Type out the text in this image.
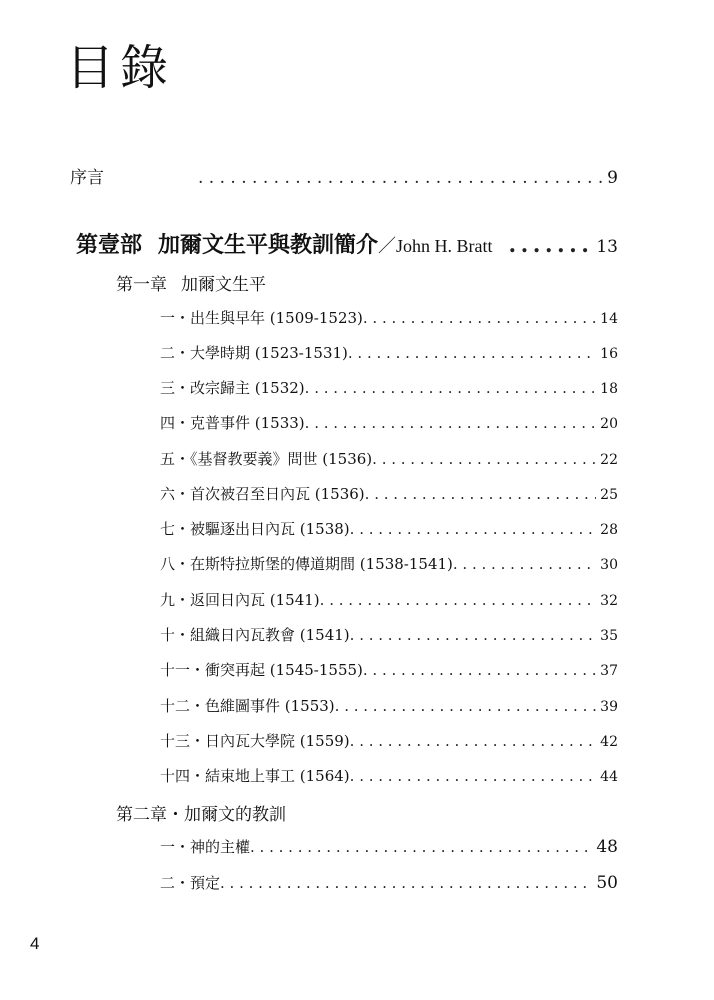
目錄
序言 . . .	9
第壹部 加爾文生平與教訓簡介／John H. Bratt . . .	13
第一章 加爾文生平
一・出生與早年 (1509-1523) . . .	14
二・大學時期 (1523-1531) . . .	16
三・改宗歸主 (1532) . . .	18
四・克普事件 (1533) . . .	20
五・《基督教要義》問世 (1536) . . .	22
六・首次被召至日內瓦 (1536) . . .	25
七・被驅逐出日內瓦 (1538) . . .	28
八・在斯特拉斯堡的傳道期間 (1538-1541) . . .	30
九・返回日內瓦 (1541) . . .	32
十・組織日內瓦教會 (1541) . . .	35
十一・衝突再起 (1545-1555) . . .	37
十二・色維圖事件 (1553) . . .	39
十三・日內瓦大學院 (1559) . . .	42
十四・結束地上事工 (1564) . . .	44
第二章・加爾文的教訓
一・神的主權 . . .	48
二・預定 . . .	50
4
